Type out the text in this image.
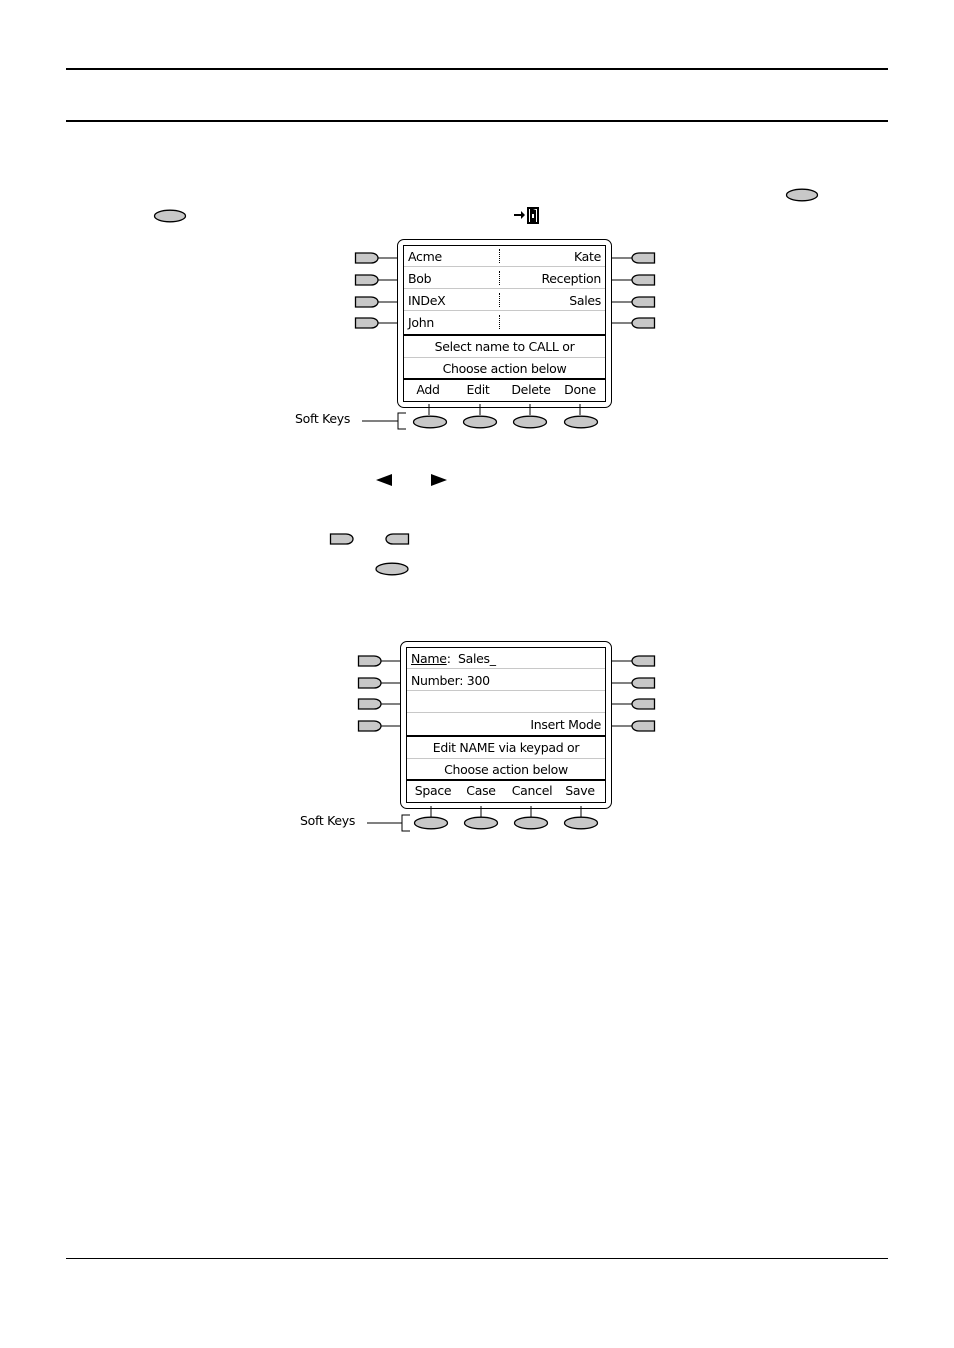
Acme	Kate
Bob	Reception
INDeX	Sales
John
Select name to CALL or
Choose action below
Add	Edit	Delete	Done
Soft Keys
Name:  Sales_
Number: 300
Insert Mode
Edit NAME via keypad or
Choose action below
Space	Case	Cancel	Save
Soft Keys
